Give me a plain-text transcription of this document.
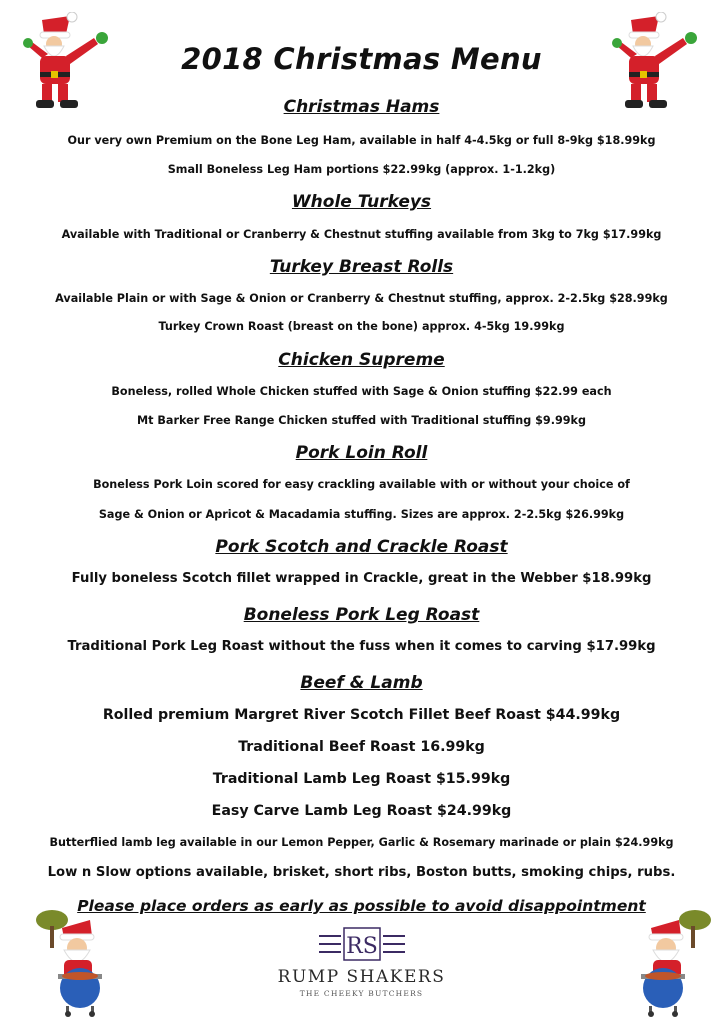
2018 Christmas Menu
Christmas Hams
Our very own Premium on the Bone Leg Ham, available in half 4-4.5kg or full 8-9kg $18.99kg
Small Boneless Leg Ham portions $22.99kg (approx. 1-1.2kg)
Whole Turkeys
Available with Traditional or Cranberry & Chestnut stuffing available from 3kg to 7kg $17.99kg
Turkey Breast Rolls
Available Plain or with Sage & Onion or Cranberry & Chestnut stuffing, approx. 2-2.5kg $28.99kg
Turkey Crown Roast (breast on the bone) approx. 4-5kg 19.99kg
Chicken Supreme
Boneless, rolled Whole Chicken stuffed with Sage & Onion stuffing $22.99 each
Mt Barker Free Range Chicken stuffed with Traditional stuffing $9.99kg
Pork Loin Roll
Boneless Pork Loin scored for easy crackling available with or without your choice of
Sage & Onion or Apricot & Macadamia stuffing. Sizes are approx. 2-2.5kg $26.99kg
Pork Scotch and Crackle Roast
Fully boneless Scotch fillet wrapped in Crackle, great in the Webber $18.99kg
Boneless Pork Leg Roast
Traditional Pork Leg Roast without the fuss when it comes to carving $17.99kg
Beef & Lamb
Rolled premium Margret River Scotch Fillet Beef Roast $44.99kg
Traditional Beef Roast 16.99kg
Traditional Lamb Leg Roast $15.99kg
Easy Carve Lamb Leg Roast $24.99kg
Butterflied lamb leg available in our Lemon Pepper, Garlic & Rosemary marinade or plain $24.99kg
Low n Slow options available, brisket, short ribs, Boston butts, smoking chips, rubs.
Please place orders as early as possible to avoid disappointment
RS
RUMP SHAKERS
THE CHEEKY BUTCHERS
